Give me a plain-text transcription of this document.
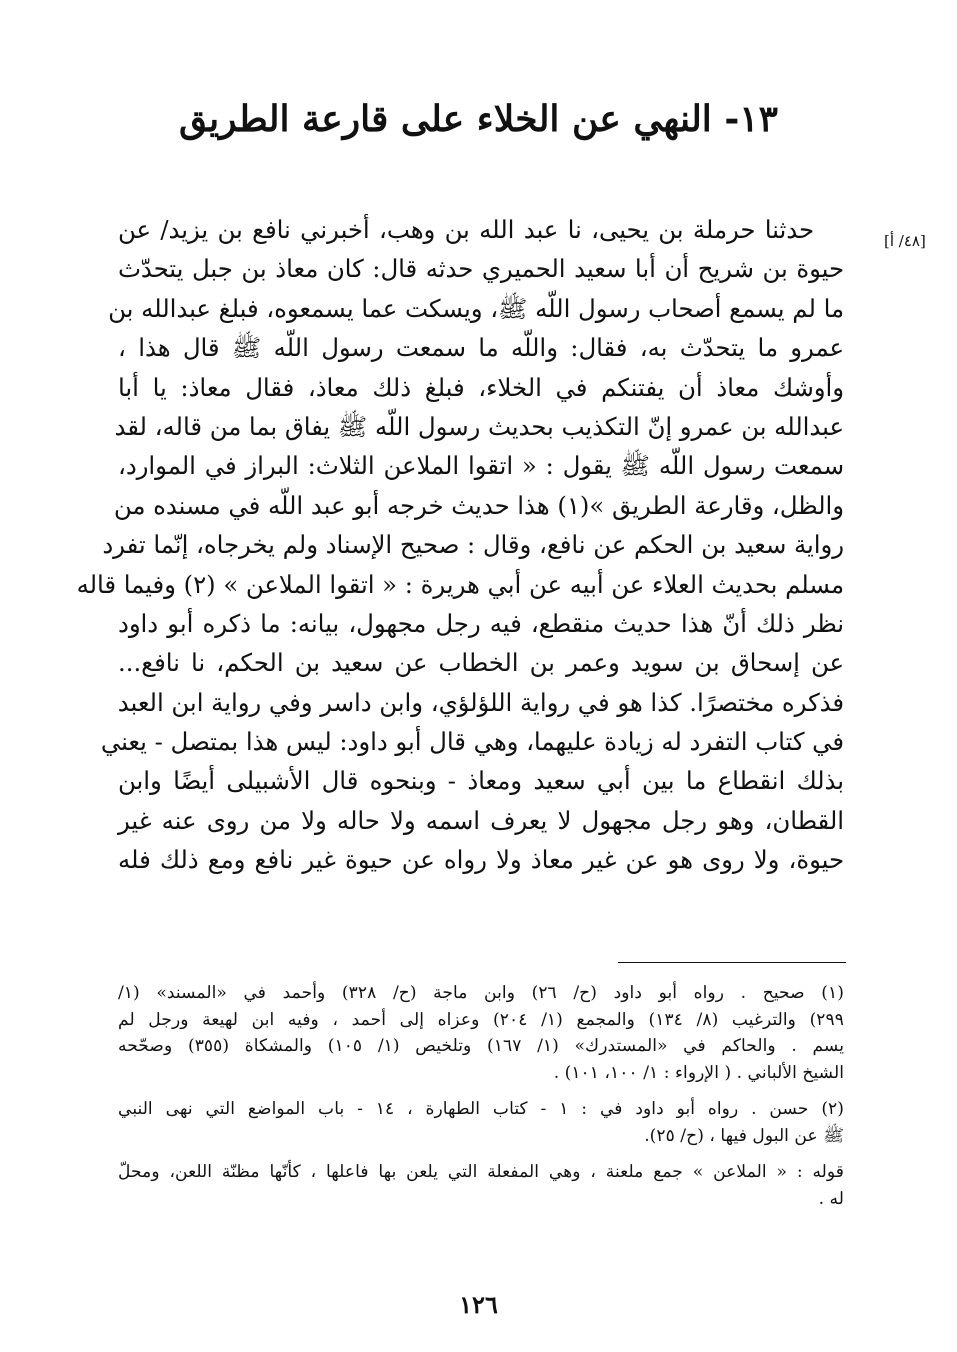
١٣- النهي عن الخلاء على قارعة الطريق
[٤٨/ أ]
حدثنا حرملة بن يحيى، نا عبد الله بن وهب، أخبرني نافع بن يزيد/ عن
حيوة بن شريح أن أبا سعيد الحميري حدثه قال: كان معاذ بن جبل يتحدّث
ما لم يسمع أصحاب رسول اللّه ﷺ، ويسكت عما يسمعوه، فبلغ عبدالله بن
عمرو ما يتحدّث به، فقال: واللّه ما سمعت رسول اللّه ﷺ قال هذا ،
وأوشك معاذ أن يفتنكم في الخلاء، فبلغ ذلك معاذ، فقال معاذ: يا أبا
عبدالله بن عمرو إنّ التكذيب بحديث رسول اللّه ﷺ يفاق بما من قاله، لقد
سمعت رسول اللّه ﷺ يقول : « اتقوا الملاعن الثلاث: البراز في الموارد،
والظل، وقارعة الطريق »(١) هذا حديث خرجه أبو عبد اللّه في مسنده من
رواية سعيد بن الحكم عن نافع، وقال : صحيح الإسناد ولم يخرجاه، إنّما تفرد
مسلم بحديث العلاء عن أبيه عن أبي هريرة : « اتقوا الملاعن » (٢) وفيما قاله
نظر ذلك أنّ هذا حديث منقطع، فيه رجل مجهول، بيانه: ما ذكره أبو داود
عن إسحاق بن سويد وعمر بن الخطاب عن سعيد بن الحكم، نا نافع...
فذكره مختصرًا. كذا هو في رواية اللؤلؤي، وابن داسر وفي رواية ابن العبد
في كتاب التفرد له زيادة عليهما، وهي قال أبو داود: ليس هذا بمتصل - يعني
بذلك انقطاع ما بين أبي سعيد ومعاذ - وبنحوه قال الأشبيلى أيضًا وابن
القطان، وهو رجل مجهول لا يعرف اسمه ولا حاله ولا من روى عنه غير
حيوة، ولا روى هو عن غير معاذ ولا رواه عن حيوة غير نافع ومع ذلك فله
(١) صحيح . رواه أبو داود (ح/ ٢٦) وابن ماجة (ح/ ٣٢٨) وأحمد في «المسند» (١/
٢٩٩) والترغيب (٨/ ١٣٤) والمجمع (١/ ٢٠٤) وعزاه إلى أحمد ، وفيه ابن لهيعة ورجل لم
يسم . والحاكم في «المستدرك» (١/ ١٦٧) وتلخيص (١/ ١٠٥) والمشكاة (٣٥٥) وصحّحه
الشيخ الألباني . ( الإرواء : ١/ ١٠٠، ١٠١) .
(٢) حسن . رواه أبو داود في : ١ - كتاب الطهارة ، ١٤ - باب المواضع التي نهى النبي
ﷺ عن البول فيها ، (ح/ ٢٥).
قوله : « الملاعن » جمع ملعنة ، وهي المفعلة التي يلعن بها فاعلها ، كأنّها مظنّة اللعن، ومحلّ
له .
١٢٦
